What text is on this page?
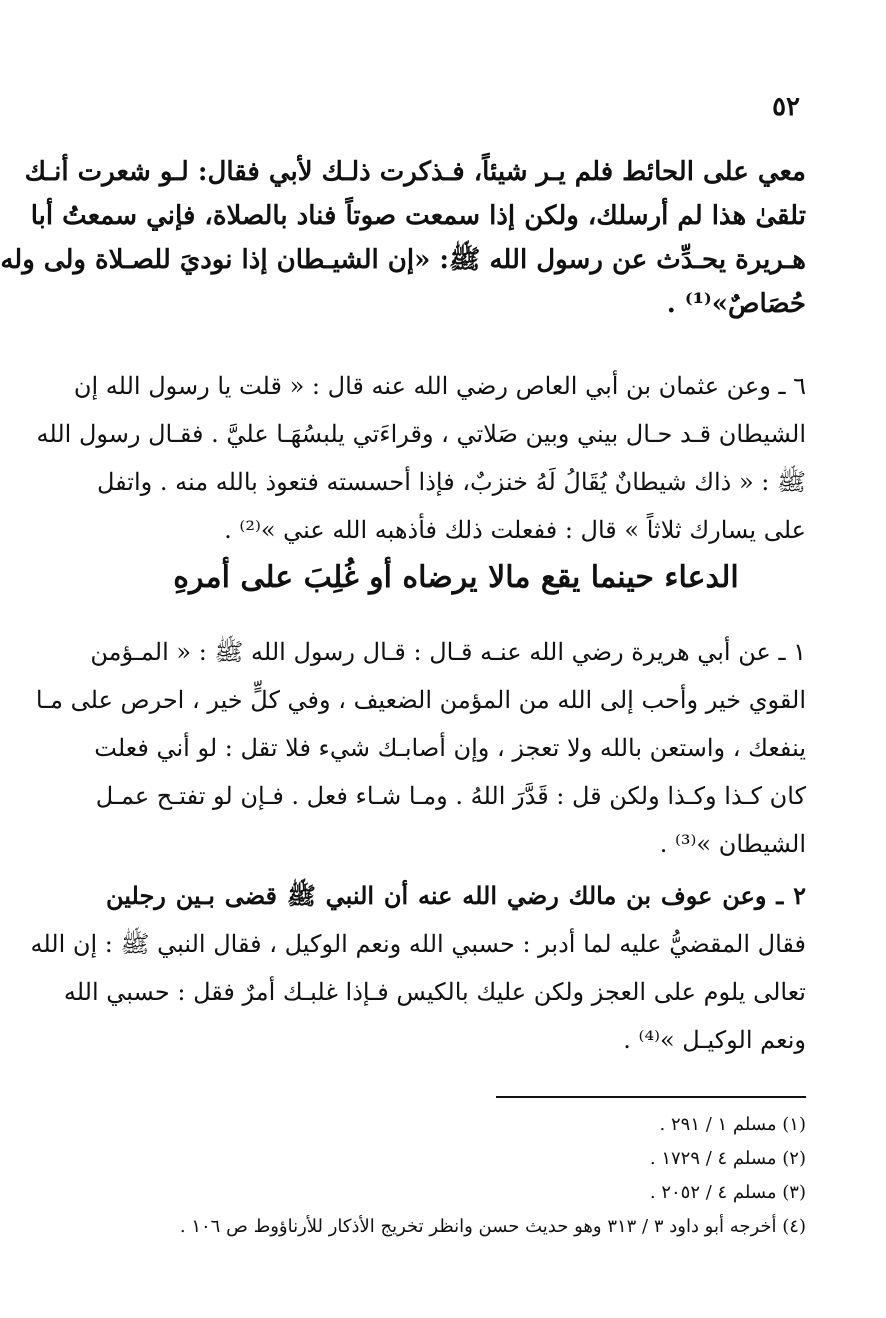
٥٢
معي على الحائط فلم يـر شيئاً، فـذكرت ذلـك لأبي فقال: لـو شعرت أنـك
تلقىٰ هذا لم أرسلك، ولكن إذا سمعت صوتاً فناد بالصلاة، فإني سمعتُ أبا
هـريرة يحـدِّث عن رسول الله ﷺ: «إن الشيـطان إذا نوديَ للصـلاة ولى وله
حُصَاصٌ»⁽¹⁾ .
٦ ـ وعن عثمان بن أبي العاص رضي الله عنه قال : « قلت يا رسول الله إن
الشيطان قـد حـال بيني وبين صَلاتي ، وقراءَتي يلبسُهَـا عليَّ . فقـال رسول الله
ﷺ : « ذاك شيطانٌ يُقَالُ لَهُ خنزبٌ، فإذا أحسسته فتعوذ بالله منه . واتفل
على يسارك ثلاثاً » قال : ففعلت ذلك فأذهبه الله عني »⁽²⁾ .
الدعاء حينما يقع مالا يرضاه أو غُلِبَ على أمرهِ
١ ـ عن أبي هريرة رضي الله عنـه قـال : قـال رسول الله ﷺ : « المـؤمن
القوي خير وأحب إلى الله من المؤمن الضعيف ، وفي كلٍّ خير ، احرص على مـا
ينفعك ، واستعن بالله ولا تعجز ، وإن أصابـك شيء فلا تقل : لو أني فعلت
كان كـذا وكـذا ولكن قل : قَدَّرَ اللهُ . ومـا شـاء فعل . فـإن لو تفتـح عمـل
الشيطان »⁽³⁾ .
٢ ـ وعن عوف بن مالك رضي الله عنه أن النبي ﷺ قضى بـين رجلين
فقال المقضيُّ عليه لما أدبر : حسبي الله ونعم الوكيل ، فقال النبي ﷺ : إن الله
تعالى يلوم على العجز ولكن عليك بالكيس فـإذا غلبـك أمرٌ فقل : حسبي الله
ونعم الوكيـل »⁽⁴⁾ .
(١) مسلم ١ / ٢٩١ .
(٢) مسلم ٤ / ١٧٢٩ .
(٣) مسلم ٤ / ٢٠٥٢ .
(٤) أخرجه أبو داود ٣ / ٣١٣ وهو حديث حسن وانظر تخريج الأذكار للأرناؤوط ص ١٠٦ .
